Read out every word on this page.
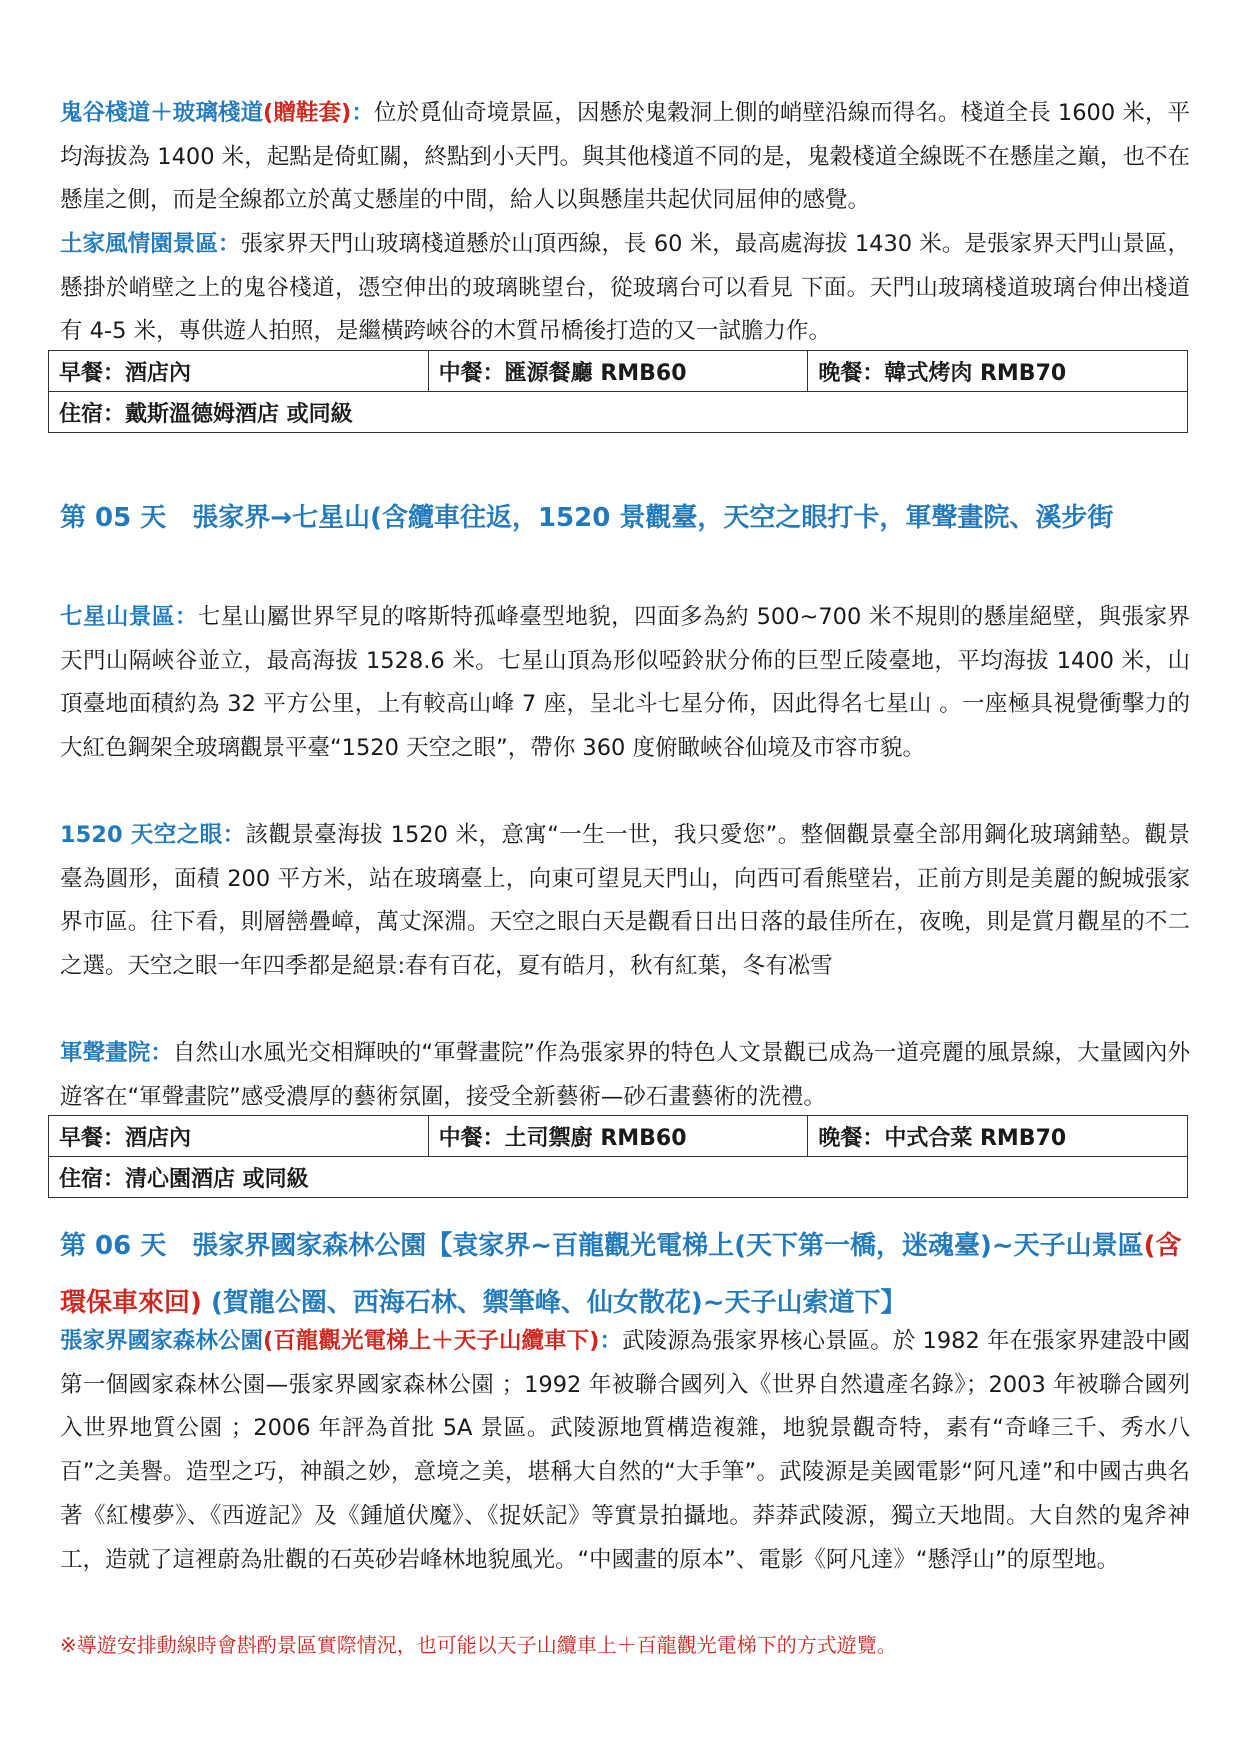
鬼谷棧道＋玻璃棧道(贈鞋套)：位於覓仙奇境景區，因懸於鬼穀洞上側的峭壁沿線而得名。棧道全長 1600 米，平均海拔為 1400 米，起點是倚虹關，終點到小天門。與其他棧道不同的是，鬼穀棧道全線既不在懸崖之巔，也不在懸崖之側，而是全線都立於萬丈懸崖的中間，給人以與懸崖共起伏同屈伸的感覺。

土家風情園景區：張家界天門山玻璃棧道懸於山頂西線，長 60 米，最高處海拔 1430 米。是張家界天門山景區，懸掛於峭壁之上的鬼谷棧道，憑空伸出的玻璃眺望台，從玻璃台可以看見 下面。天門山玻璃棧道玻璃台伸出棧道有 4-5 米，專供遊人拍照，是繼橫跨峽谷的木質吊橋後打造的又一試膽力作。

早餐：酒店內	中餐：匯源餐廳 RMB60	晚餐：韓式烤肉 RMB70
住宿：戴斯溫德姆酒店 或同級
第 05 天　張家界→七星山(含纜車往返，1520 景觀臺，天空之眼打卡，軍聲畫院、溪步街

七星山景區：七星山屬世界罕見的喀斯特孤峰臺型地貌，四面多為約 500~700 米不規則的懸崖絕壁，與張家界天門山隔峽谷並立，最高海拔 1528.6 米。七星山頂為形似啞鈴狀分佈的巨型丘陵臺地，平均海拔 1400 米，山頂臺地面積約為 32 平方公里，上有較高山峰 7 座，呈北斗七星分佈，因此得名七星山 。一座極具視覺衝擊力的大紅色鋼架全玻璃觀景平臺“1520 天空之眼”，帶你 360 度俯瞰峽谷仙境及市容市貌。

1520 天空之眼：該觀景臺海拔 1520 米，意寓“一生一世，我只愛您”。整個觀景臺全部用鋼化玻璃鋪墊。觀景臺為圓形，面積 200 平方米，站在玻璃臺上，向東可望見天門山，向西可看熊壁岩，正前方則是美麗的鯢城張家界市區。往下看，則層巒疊嶂，萬丈深淵。天空之眼白天是觀看日出日落的最佳所在，夜晚，則是賞月觀星的不二之選。天空之眼一年四季都是絕景:春有百花，夏有皓月，秋有紅葉，冬有凇雪

軍聲畫院：自然山水風光交相輝映的“軍聲畫院”作為張家界的特色人文景觀已成為一道亮麗的風景線，大量國內外遊客在“軍聲畫院”感受濃厚的藝術氛圍，接受全新藝術—砂石畫藝術的洗禮。

早餐：酒店內	中餐：土司禦廚 RMB60	晚餐：中式合菜 RMB70
住宿：清心園酒店 或同級
第 06 天　張家界國家森林公園【袁家界~百龍觀光電梯上(天下第一橋，迷魂臺)~天子山景區(含環保車來回) (賀龍公圈、西海石林、禦筆峰、仙女散花)~天子山索道下】

張家界國家森林公園(百龍觀光電梯上＋天子山纜車下)：武陵源為張家界核心景區。於 1982 年在張家界建設中國第一個國家森林公園—張家界國家森林公園 ；1992 年被聯合國列入《世界自然遺產名錄》；2003 年被聯合國列入世界地質公園 ；2006 年評為首批 5A 景區。武陵源地質構造複雜，地貌景觀奇特，素有“奇峰三千、秀水八百”之美譽。造型之巧，神韻之妙，意境之美，堪稱大自然的“大手筆”。武陵源是美國電影“阿凡達”和中國古典名著《紅樓夢》、《西遊記》及《鍾馗伏魔》、《捉妖記》等實景拍攝地。莽莽武陵源，獨立天地間。大自然的鬼斧神工，造就了這裡蔚為壯觀的石英砂岩峰林地貌風光。“中國畫的原本”、電影《阿凡達》“懸浮山”的原型地。

※導遊安排動線時會斟酌景區實際情況，也可能以天子山纜車上＋百龍觀光電梯下的方式遊覽。
